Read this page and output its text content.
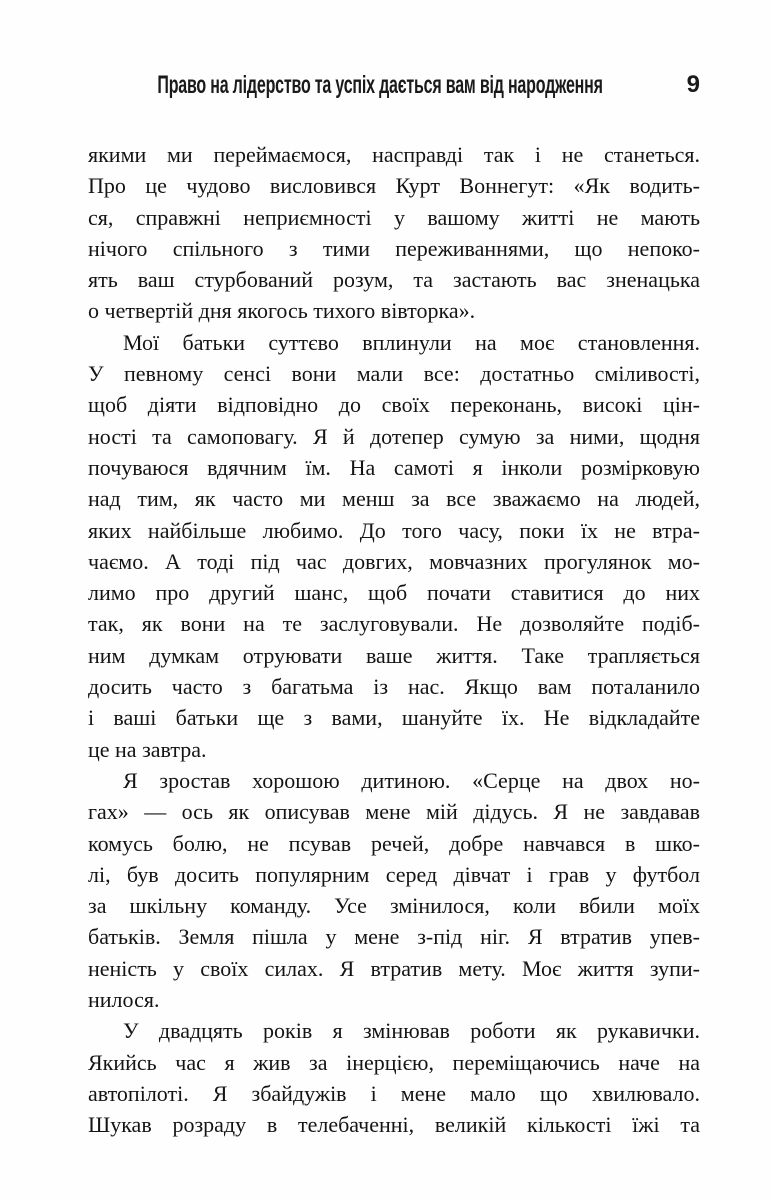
Право на лідерство та успіх дається вам від народження	9
якими ми переймаємося, насправді так і не станеться.
Про це чудово висловився Курт Воннегут: «Як водить-
ся, справжні неприємності у вашому житті не мають
нічого спільного з тими переживаннями, що непоко-
ять ваш стурбований розум, та застають вас зненацька
о четвертій дня якогось тихого вівторка».
Мої батьки суттєво вплинули на моє становлення.
У певному сенсі вони мали все: достатньо сміливості,
щоб діяти відповідно до своїх переконань, високі цін-
ності та самоповагу. Я й дотепер сумую за ними, щодня
почуваюся вдячним їм. На самоті я інколи розмірковую
над тим, як часто ми менш за все зважаємо на людей,
яких найбільше любимо. До того часу, поки їх не втра-
чаємо. А тоді під час довгих, мовчазних прогулянок мо-
лимо про другий шанс, щоб почати ставитися до них
так, як вони на те заслуговували. Не дозволяйте подіб-
ним думкам отруювати ваше життя. Таке трапляється
досить часто з багатьма із нас. Якщо вам поталанило
і ваші батьки ще з вами, шануйте їх. Не відкладайте
це на завтра.
Я зростав хорошою дитиною. «Серце на двох но-
гах» — ось як описував мене мій дідусь. Я не завдавав
комусь болю, не псував речей, добре навчався в шко-
лі, був досить популярним серед дівчат і грав у футбол
за шкільну команду. Усе змінилося, коли вбили моїх
батьків. Земля пішла у мене з-під ніг. Я втратив упев-
неність у своїх силах. Я втратив мету. Моє життя зупи-
нилося.
У двадцять років я змінював роботи як рукавички.
Якийсь час я жив за інерцією, переміщаючись наче на
автопілоті. Я збайдужів і мене мало що хвилювало.
Шукав розраду в телебаченні, великій кількості їжі та
